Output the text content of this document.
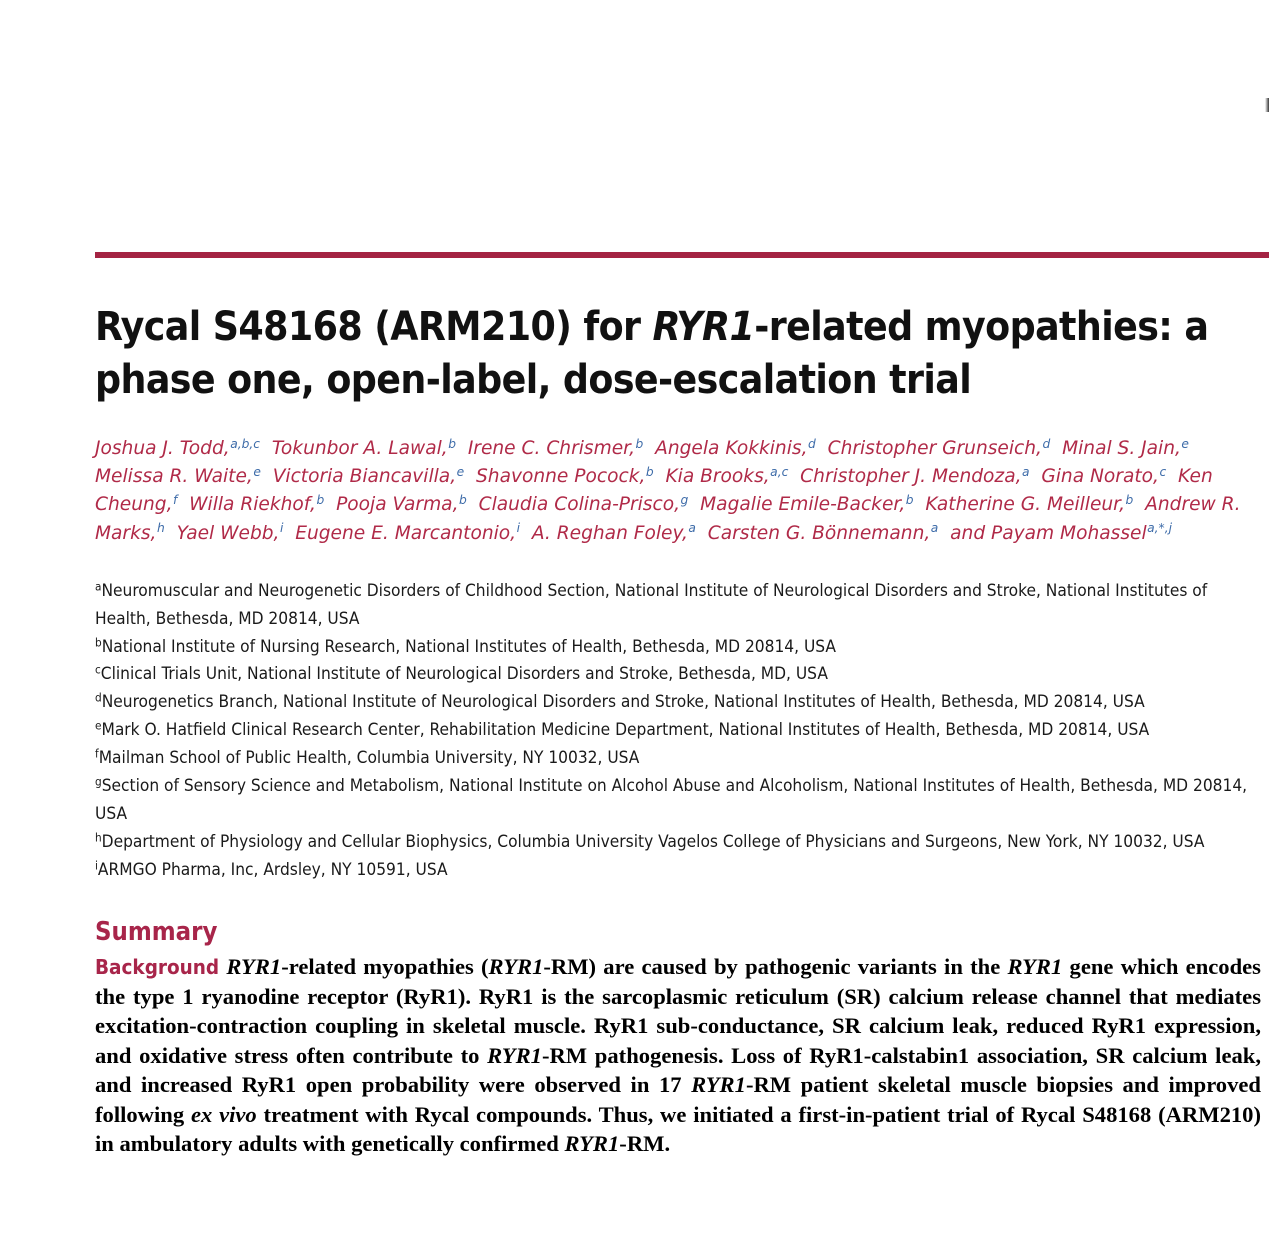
Rycal S48168 (ARM210) for RYR1-related myopathies: a phase one, open-label, dose-escalation trial
Joshua J. Todd,$^{a,b,c}$ Tokunbor A. Lawal,$^b$ Irene C. Chrismer,$^b$ Angela Kokkinis,$^d$ Christopher Grunseich,$^d$ Minal S. Jain,$^e$  Melissa R. Waite,$^e$ Victoria Biancavilla,$^e$ Shavonne Pocock,$^b$ Kia Brooks,$^{a,c}$ Christopher J. Mendoza,$^a$ Gina Norato,$^c$ Ken Cheung,$^f$ Willa Riekhof,$^b$ Pooja Varma,$^b$ Claudia Colina-Prisco,$^g$ Magalie Emile-Backer,$^b$ Katherine G. Meilleur,$^b$ Andrew R. Marks,$^h$ Yael Webb,$^i$ Eugene E. Marcantonio,$^i$ A. Reghan Foley,$^a$ Carsten G. Bönnemann,$^a$ and Payam Mohassel$^{a,*,j}$

$^a$Neuromuscular and Neurogenetic Disorders of Childhood Section, National Institute of Neurological Disorders and Stroke, National Institutes of Health, Bethesda, MD 20814, USA

$^b$National Institute of Nursing Research, National Institutes of Health, Bethesda, MD 20814, USA

$^c$Clinical Trials Unit, National Institute of Neurological Disorders and Stroke, Bethesda, MD, USA

$^d$Neurogenetics Branch, National Institute of Neurological Disorders and Stroke, National Institutes of Health, Bethesda, MD 20814, USA

$^e$Mark O. Hatfield Clinical Research Center, Rehabilitation Medicine Department, National Institutes of Health, Bethesda, MD 20814, USA

$^f$Mailman School of Public Health, Columbia University, NY 10032, USA

$^g$Section of Sensory Science and Metabolism, National Institute on Alcohol Abuse and Alcoholism, National Institutes of Health, Bethesda, MD 20814, USA

$^h$Department of Physiology and Cellular Biophysics, Columbia University Vagelos College of Physicians and Surgeons, New York, NY 10032, USA

$^i$ARMGO Pharma, Inc, Ardsley, NY 10591, USA

Summary

Background RYR1-related myopathies (RYR1-RM) are caused by pathogenic variants in the RYR1 gene which encodes the type 1 ryanodine receptor (RyR1). RyR1 is the sarcoplasmic reticulum (SR) calcium release channel that mediates excitation-contraction coupling in skeletal muscle. RyR1 sub-conductance, SR calcium leak, reduced RyR1 expression, and oxidative stress often contribute to RYR1-RM pathogenesis. Loss of RyR1-calstabin1 association, SR calcium leak, and increased RyR1 open probability were observed in 17 RYR1-RM patient skeletal muscle biopsies and improved following ex vivo treatment with Rycal compounds. Thus, we initiated a first-in-patient trial of Rycal S48168 (ARM210) in ambulatory adults with genetically confirmed RYR1-RM.
